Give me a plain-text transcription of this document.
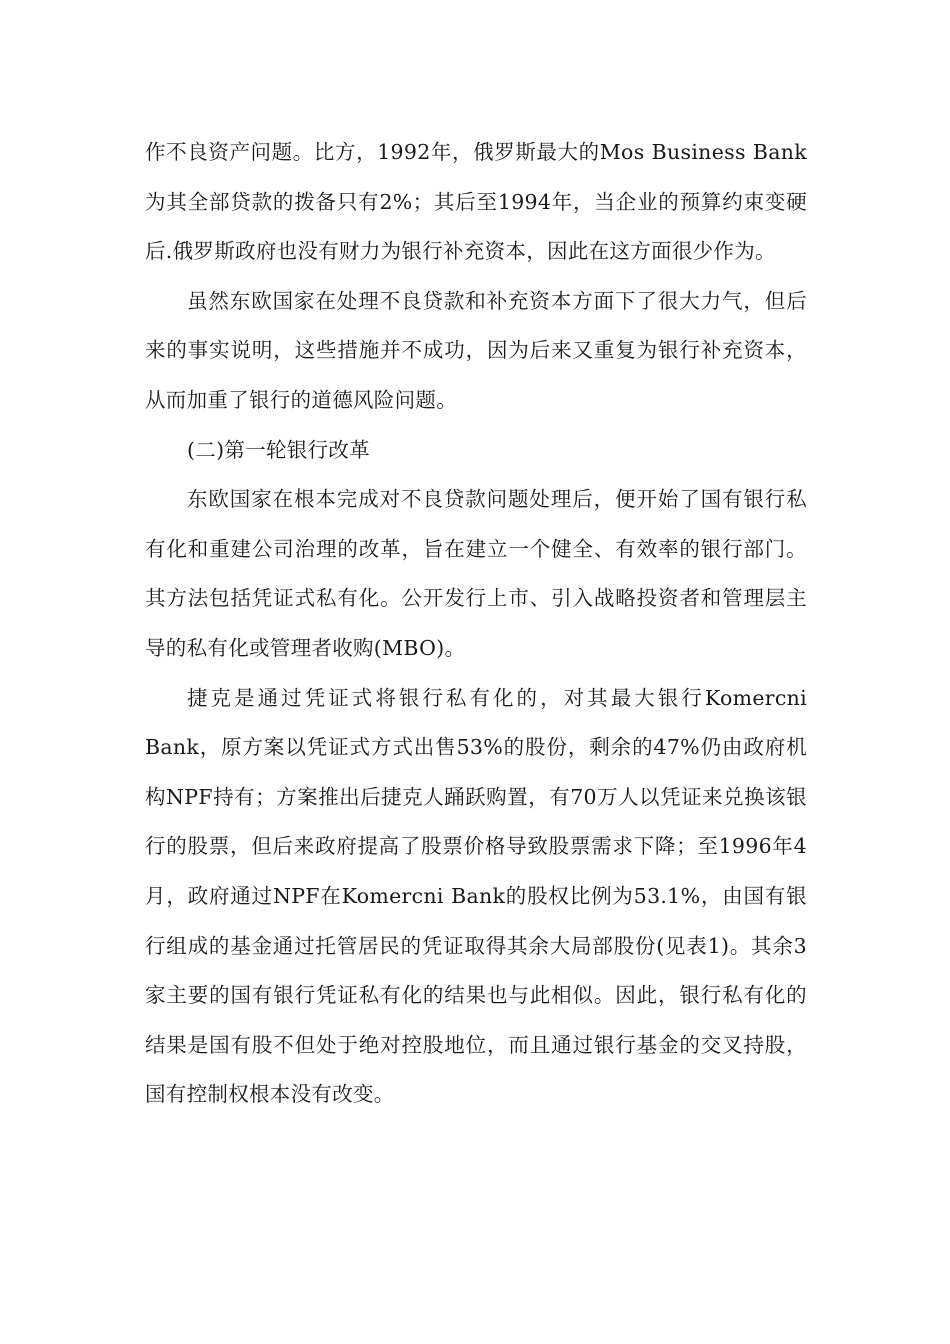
作不良资产问题。比方，1992年，俄罗斯最大的Mos Business Bank为其全部贷款的拨备只有2%；其后至1994年，当企业的预算约束变硬后.俄罗斯政府也没有财力为银行补充资本，因此在这方面很少作为。

虽然东欧国家在处理不良贷款和补充资本方面下了很大力气，但后来的事实说明，这些措施并不成功，因为后来又重复为银行补充资本，从而加重了银行的道德风险问题。

(二)第一轮银行改革

东欧国家在根本完成对不良贷款问题处理后，便开始了国有银行私有化和重建公司治理的改革，旨在建立一个健全、有效率的银行部门。其方法包括凭证式私有化。公开发行上市、引入战略投资者和管理层主导的私有化或管理者收购(MBO)。

捷克是通过凭证式将银行私有化的，对其最大银行Komercni Bank，原方案以凭证式方式出售53%的股份，剩余的47%仍由政府机构NPF持有；方案推出后捷克人踊跃购置，有70万人以凭证来兑换该银行的股票，但后来政府提高了股票价格导致股票需求下降；至1996年4月，政府通过NPF在Komercni Bank的股权比例为53.1%，由国有银行组成的基金通过托管居民的凭证取得其余大局部股份(见表1)。其余3家主要的国有银行凭证私有化的结果也与此相似。因此，银行私有化的结果是国有股不但处于绝对控股地位，而且通过银行基金的交叉持股，国有控制权根本没有改变。
